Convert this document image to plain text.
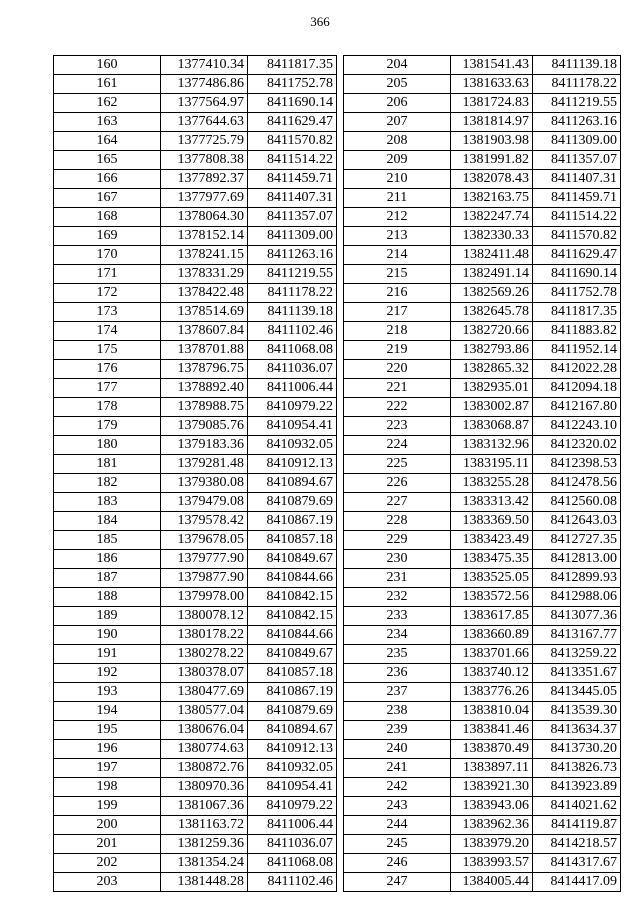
366
160	1377410.34	8411817.35
161	1377486.86	8411752.78
162	1377564.97	8411690.14
163	1377644.63	8411629.47
164	1377725.79	8411570.82
165	1377808.38	8411514.22
166	1377892.37	8411459.71
167	1377977.69	8411407.31
168	1378064.30	8411357.07
169	1378152.14	8411309.00
170	1378241.15	8411263.16
171	1378331.29	8411219.55
172	1378422.48	8411178.22
173	1378514.69	8411139.18
174	1378607.84	8411102.46
175	1378701.88	8411068.08
176	1378796.75	8411036.07
177	1378892.40	8411006.44
178	1378988.75	8410979.22
179	1379085.76	8410954.41
180	1379183.36	8410932.05
181	1379281.48	8410912.13
182	1379380.08	8410894.67
183	1379479.08	8410879.69
184	1379578.42	8410867.19
185	1379678.05	8410857.18
186	1379777.90	8410849.67
187	1379877.90	8410844.66
188	1379978.00	8410842.15
189	1380078.12	8410842.15
190	1380178.22	8410844.66
191	1380278.22	8410849.67
192	1380378.07	8410857.18
193	1380477.69	8410867.19
194	1380577.04	8410879.69
195	1380676.04	8410894.67
196	1380774.63	8410912.13
197	1380872.76	8410932.05
198	1380970.36	8410954.41
199	1381067.36	8410979.22
200	1381163.72	8411006.44
201	1381259.36	8411036.07
202	1381354.24	8411068.08
203	1381448.28	8411102.46
204	1381541.43	8411139.18
205	1381633.63	8411178.22
206	1381724.83	8411219.55
207	1381814.97	8411263.16
208	1381903.98	8411309.00
209	1381991.82	8411357.07
210	1382078.43	8411407.31
211	1382163.75	8411459.71
212	1382247.74	8411514.22
213	1382330.33	8411570.82
214	1382411.48	8411629.47
215	1382491.14	8411690.14
216	1382569.26	8411752.78
217	1382645.78	8411817.35
218	1382720.66	8411883.82
219	1382793.86	8411952.14
220	1382865.32	8412022.28
221	1382935.01	8412094.18
222	1383002.87	8412167.80
223	1383068.87	8412243.10
224	1383132.96	8412320.02
225	1383195.11	8412398.53
226	1383255.28	8412478.56
227	1383313.42	8412560.08
228	1383369.50	8412643.03
229	1383423.49	8412727.35
230	1383475.35	8412813.00
231	1383525.05	8412899.93
232	1383572.56	8412988.06
233	1383617.85	8413077.36
234	1383660.89	8413167.77
235	1383701.66	8413259.22
236	1383740.12	8413351.67
237	1383776.26	8413445.05
238	1383810.04	8413539.30
239	1383841.46	8413634.37
240	1383870.49	8413730.20
241	1383897.11	8413826.73
242	1383921.30	8413923.89
243	1383943.06	8414021.62
244	1383962.36	8414119.87
245	1383979.20	8414218.57
246	1383993.57	8414317.67
247	1384005.44	8414417.09
